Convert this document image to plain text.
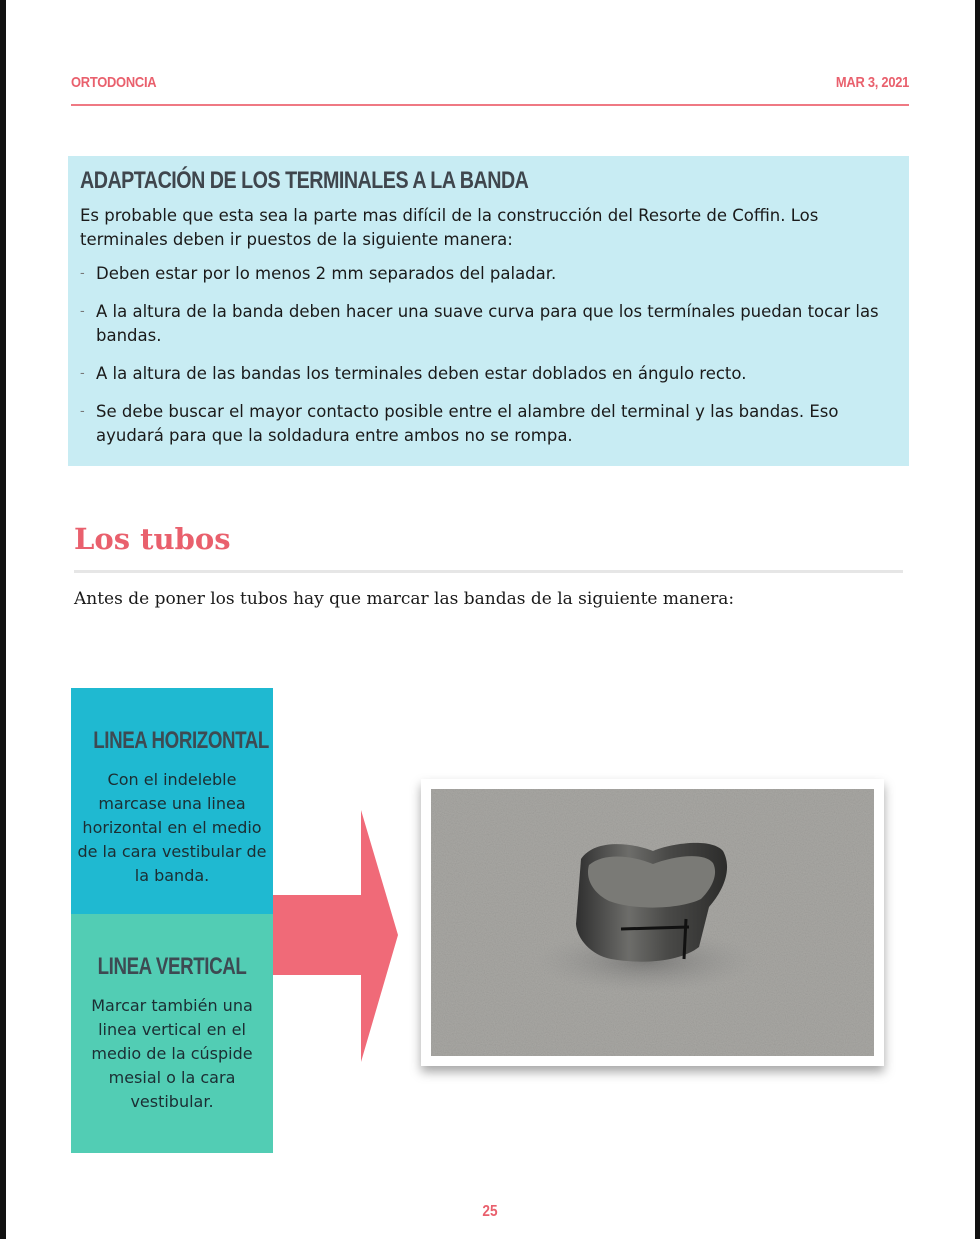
ORTODONCIA	MAR 3, 2021
ADAPTACIÓN DE LOS TERMINALES A LA BANDA

Es probable que esta sea la parte mas difícil de la construcción del Resorte de Coffin. Los terminales deben ir puestos de la siguiente manera:

- Deben estar por lo menos 2 mm separados del paladar.
- A la altura de la banda deben hacer una suave curva para que los termínales puedan tocar las bandas.
- A la altura de las bandas los terminales deben estar doblados en ángulo recto.
- Se debe buscar el mayor contacto posible entre el alambre del terminal y las bandas. Eso ayudará para que la soldadura entre ambos no se rompa.
Los tubos

Antes de poner los tubos hay que marcar las bandas de la siguiente manera:

LINEA HORIZONTAL

Con el indeleble marcase una linea horizontal en el medio de la cara vestibular de la banda.

LINEA VERTICAL

Marcar también una linea vertical en el medio de la cúspide mesial o la cara vestibular.

25
